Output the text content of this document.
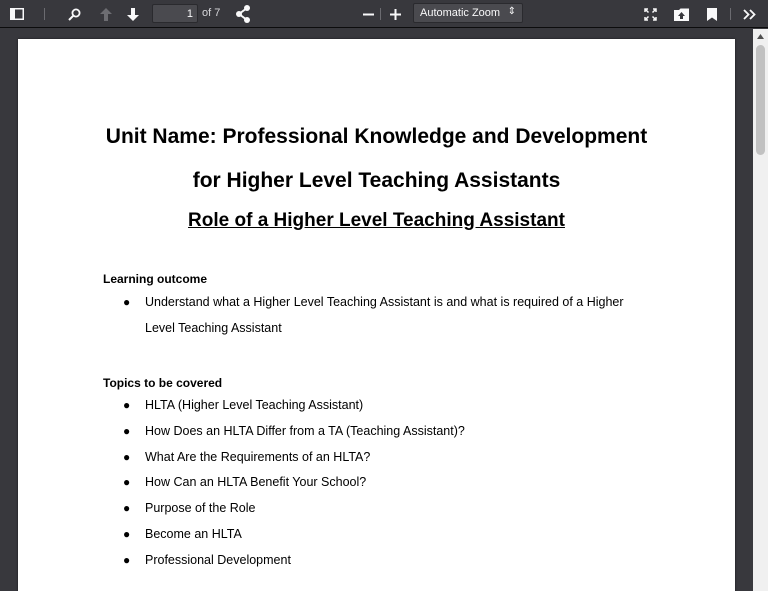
1
of 7	Automatic Zoom ⇕
Unit Name: Professional Knowledge and Development
for Higher Level Teaching Assistants
Role of a Higher Level Teaching Assistant
Learning outcome
● Understand what a Higher Level Teaching Assistant is and what is required of a Higher Level Teaching Assistant
Topics to be covered
● HLTA (Higher Level Teaching Assistant)
● How Does an HLTA Differ from a TA (Teaching Assistant)?
● What Are the Requirements of an HLTA?
● How Can an HLTA Benefit Your School?
● Purpose of the Role
● Become an HLTA
● Professional Development
